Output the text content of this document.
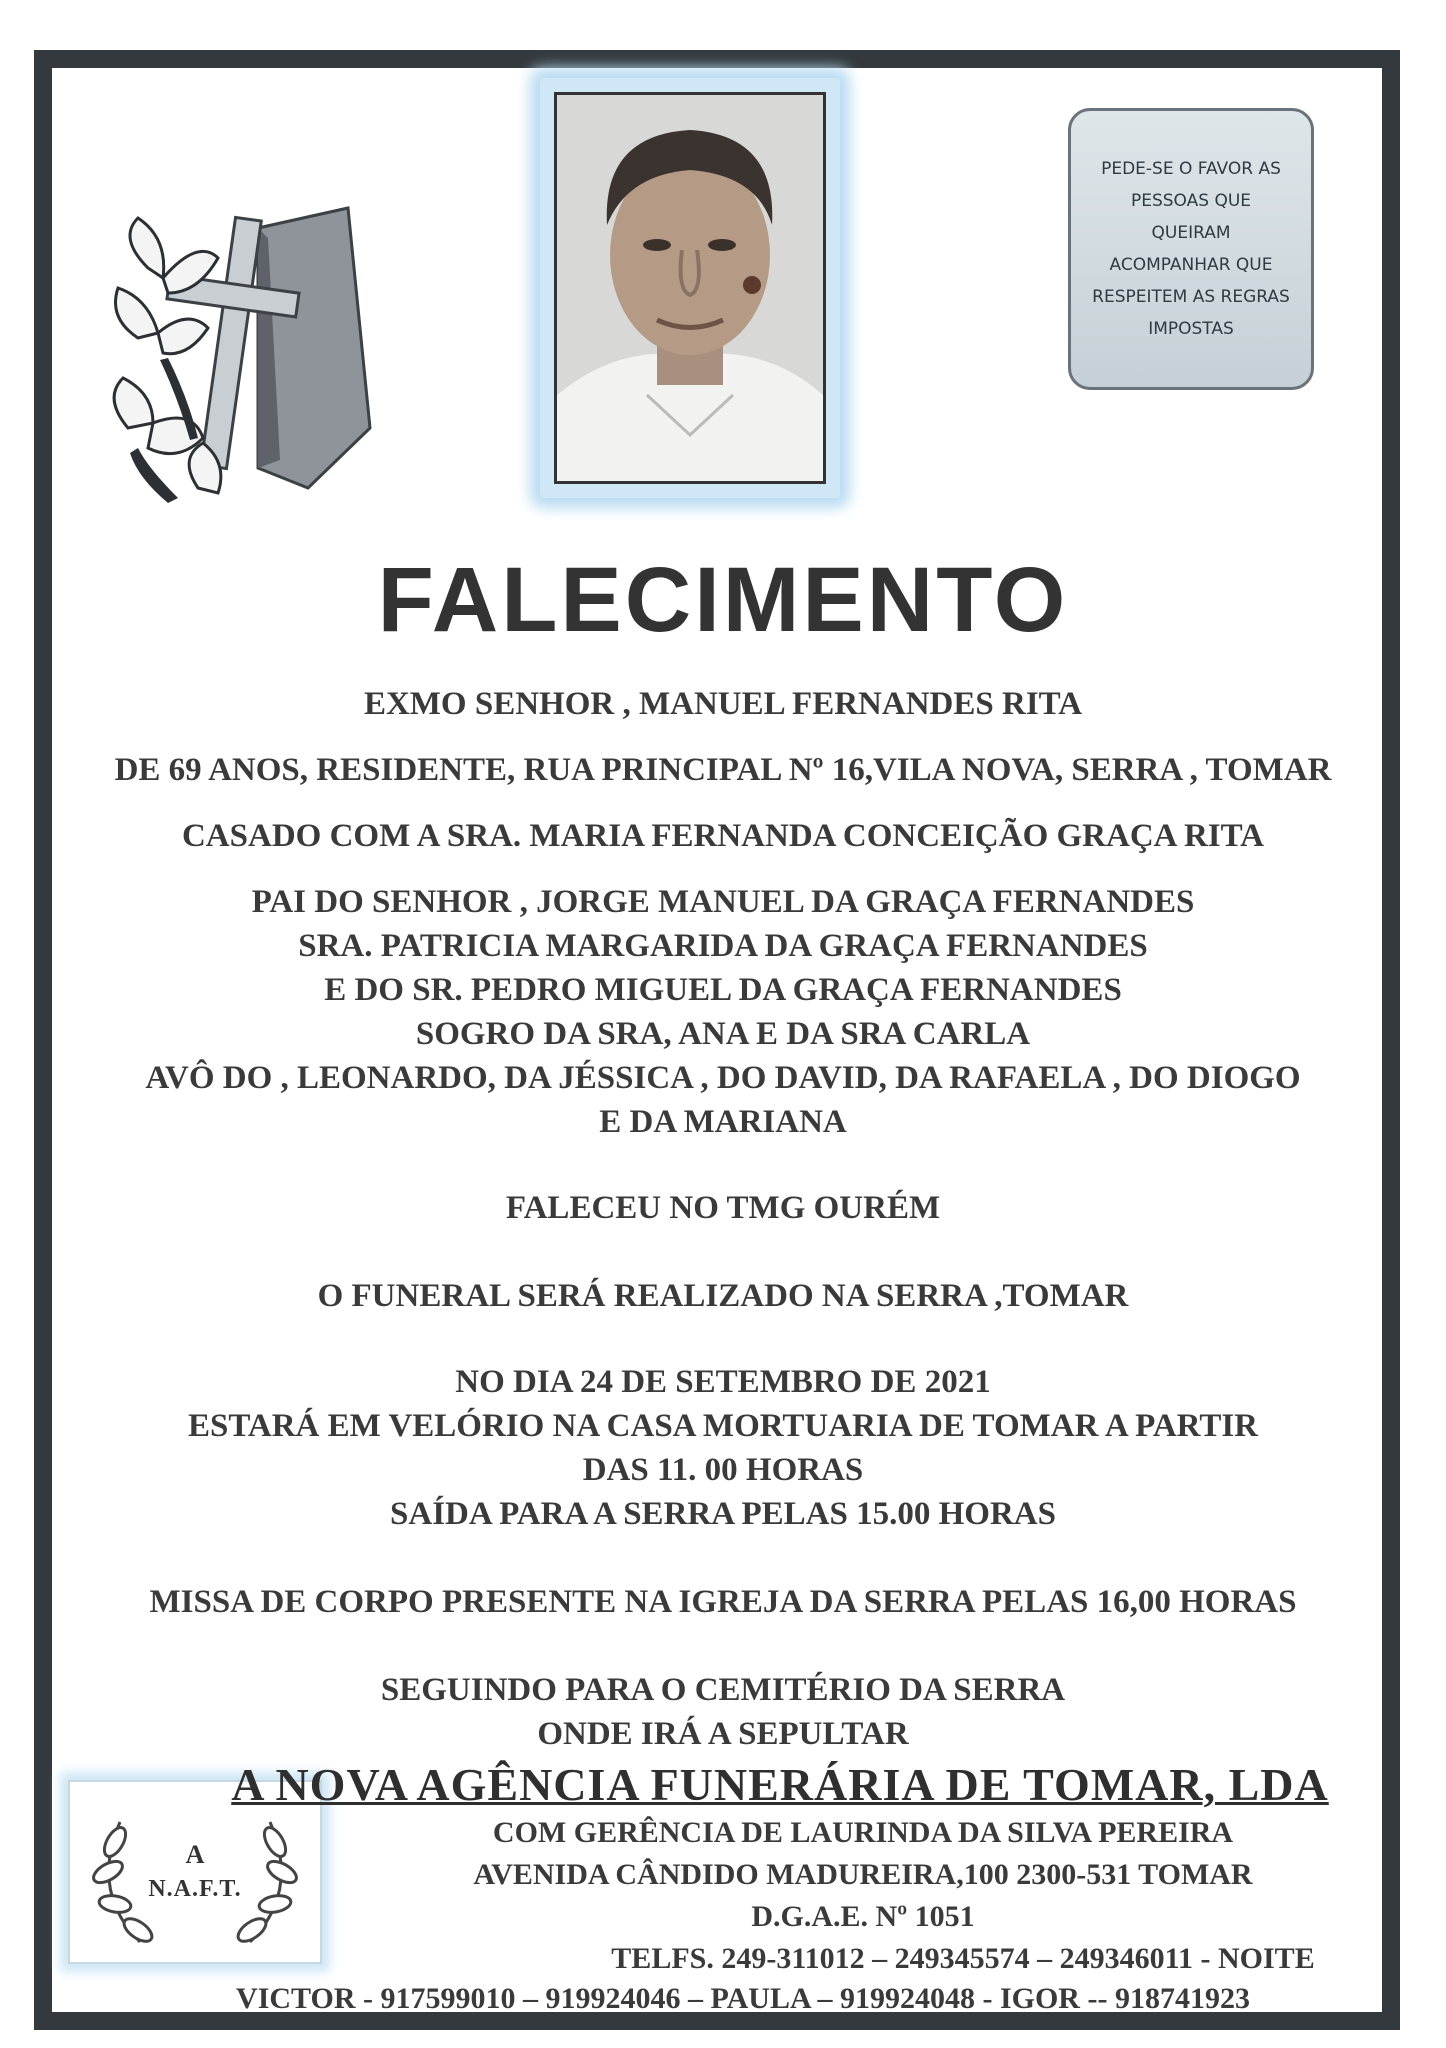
PEDE-SE O FAVOR AS PESSOAS QUE QUEIRAM ACOMPANHAR QUE RESPEITEM AS REGRAS IMPOSTAS
FALECIMENTO
EXMO SENHOR , MANUEL FERNANDES RITA
DE 69 ANOS, RESIDENTE, RUA PRINCIPAL Nº 16,VILA NOVA, SERRA , TOMAR
CASADO COM A SRA. MARIA FERNANDA CONCEIÇÃO GRAÇA RITA
PAI DO SENHOR , JORGE MANUEL DA GRAÇA FERNANDES
SRA. PATRICIA MARGARIDA DA GRAÇA FERNANDES
E DO SR. PEDRO MIGUEL DA GRAÇA FERNANDES
SOGRO DA SRA, ANA E DA SRA CARLA
AVÔ DO , LEONARDO, DA JÉSSICA , DO DAVID, DA RAFAELA , DO DIOGO
E DA MARIANA
FALECEU NO TMG OURÉM
O FUNERAL SERÁ REALIZADO NA SERRA ,TOMAR
NO DIA 24 DE SETEMBRO DE 2021
ESTARÁ EM VELÓRIO NA CASA MORTUARIA DE TOMAR A PARTIR
DAS 11. 00 HORAS
SAÍDA PARA A SERRA PELAS 15.00 HORAS
MISSA DE CORPO PRESENTE NA IGREJA DA SERRA PELAS 16,00 HORAS
SEGUINDO PARA O CEMITÉRIO DA SERRA
ONDE IRÁ A SEPULTAR
A
N.A.F.T.
A NOVA AGÊNCIA FUNERÁRIA DE TOMAR, LDA
COM GERÊNCIA DE LAURINDA DA SILVA PEREIRA
AVENIDA CÂNDIDO MADUREIRA,100 2300-531 TOMAR
D.G.A.E. Nº 1051
TELFS. 249-311012 – 249345574 – 249346011 - NOITE
VICTOR - 917599010 – 919924046 – PAULA – 919924048 - IGOR -- 918741923
